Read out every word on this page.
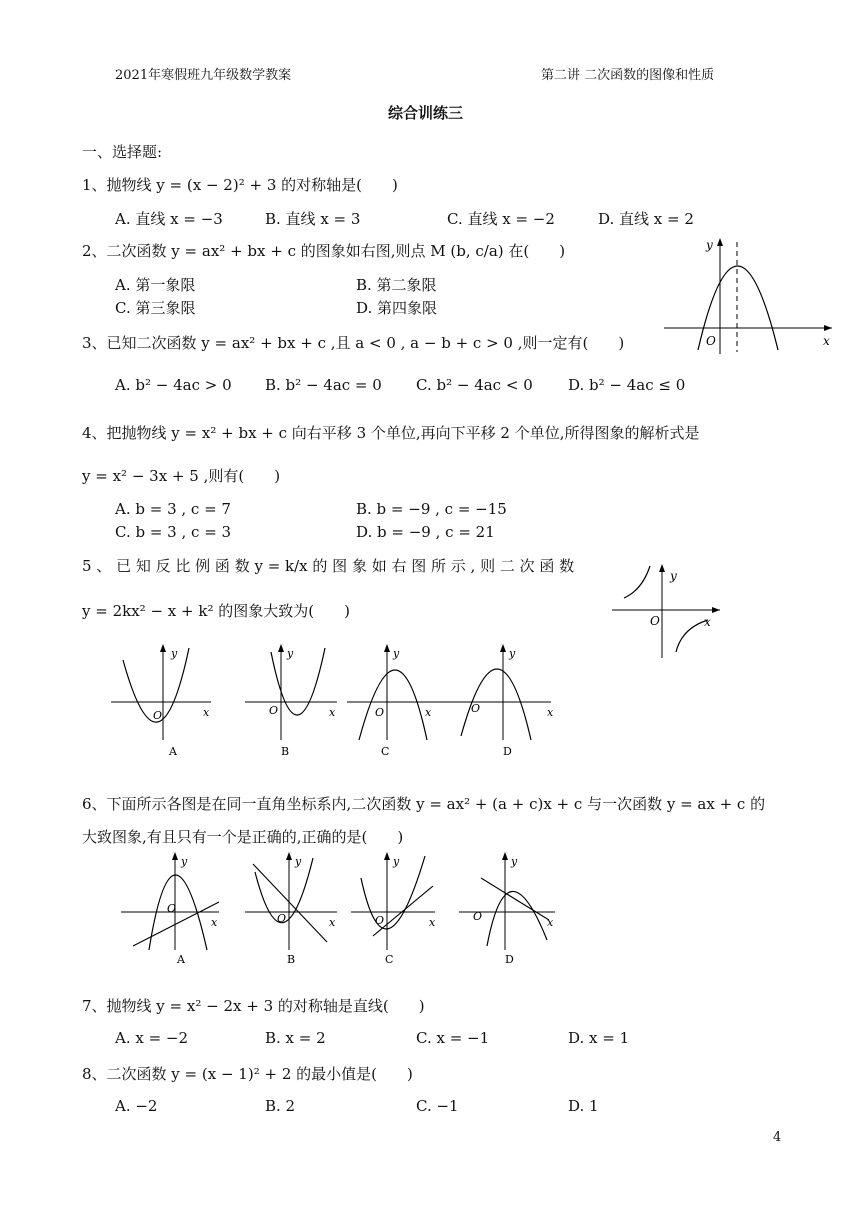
2021年寒假班九年级数学教案	第二讲 二次函数的图像和性质
综合训练三
一、选择题:
1、抛物线 y = (x − 2)² + 3 的对称轴是(　　)
A. 直线 x = −3	B. 直线 x = 3	C. 直线 x = −2	D. 直线 x = 2
2、二次函数 y = ax² + bx + c 的图象如右图,则点 M (b, c/a) 在(　　)
A. 第一象限	B. 第二象限
C. 第三象限	D. 第四象限
y
O	x
3、已知二次函数 y = ax² + bx + c ,且 a < 0 , a − b + c > 0 ,则一定有(　　)
A. b² − 4ac > 0 B. b² − 4ac = 0 C. b² − 4ac < 0 D. b² − 4ac ≤ 0
4、把抛物线 y = x² + bx + c 向右平移 3 个单位,再向下平移 2 个单位,所得图象的解析式是
y = x² − 3x + 5 ,则有(　　)
A. b = 3 , c = 7	B. b = −9 , c = −15
C. b = 3 , c = 3	D. b = −9 , c = 21
5 、 已 知 反 比 例 函 数 y = k/x 的 图 象 如 右 图 所 示 , 则 二 次 函 数
y = 2kx² − x + k² 的图象大致为(　　)
y
O	x
y
x
O
A
y
x
O
B
y
x
O
C
y
x
O
D
6、下面所示各图是在同一直角坐标系内,二次函数 y = ax² + (a + c)x + c 与一次函数 y = ax + c 的
大致图象,有且只有一个是正确的,正确的是(　　)
y
x
O
A
y
x
O
B
y
x
O
C
y
x
O
D
7、抛物线 y = x² − 2x + 3 的对称轴是直线(　　)
A. x = −2	B. x = 2	C. x = −1	D. x = 1
8、二次函数 y = (x − 1)² + 2 的最小值是(　　)
A. −2	B. 2	C. −1	D. 1
4
